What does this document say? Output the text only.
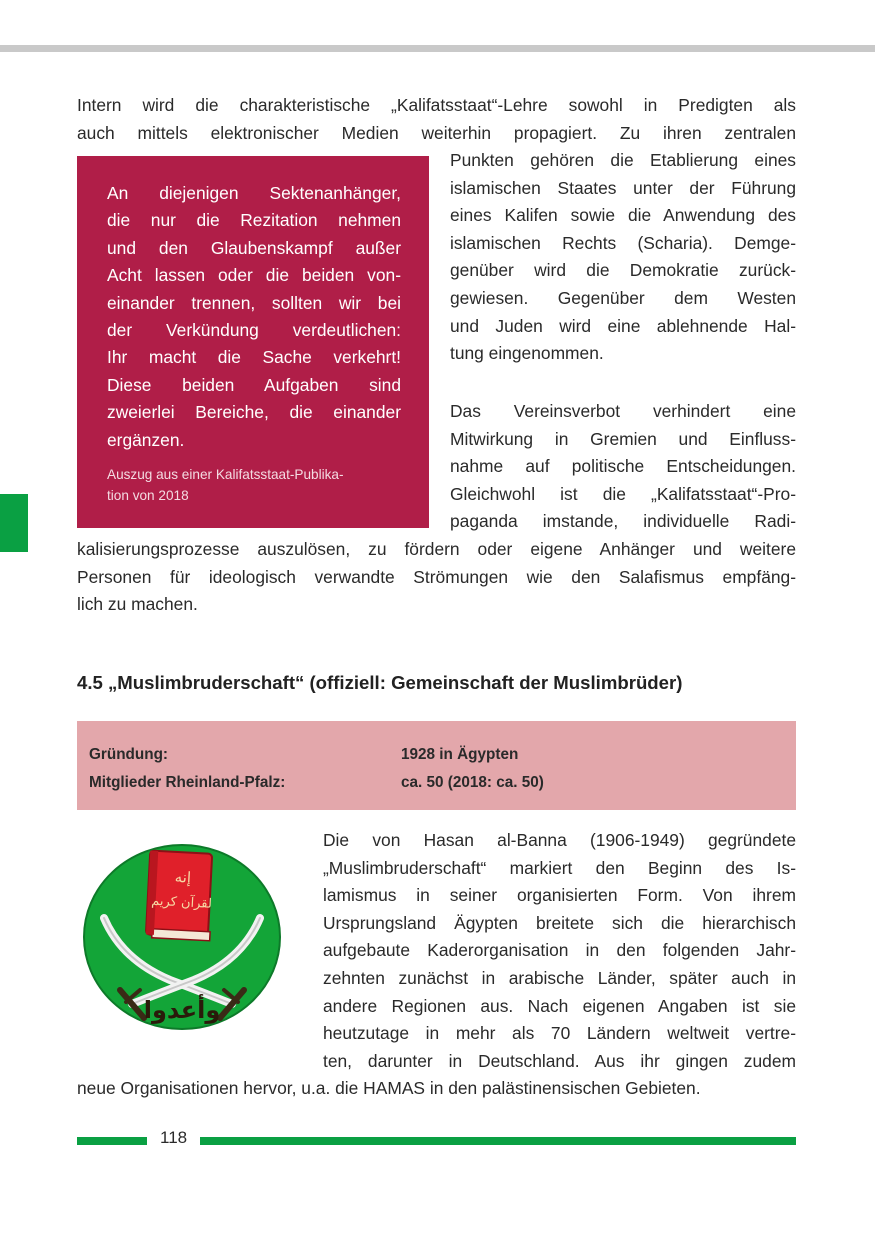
Intern wird die charakteristische „Kalifatsstaat“-Lehre sowohl in Predigten als
auch mittels elektronischer Medien weiterhin propagiert. Zu ihren zentralen
Punkten gehören die Etablierung eines
islamischen Staates unter der Führung
eines Kalifen sowie die Anwendung des
islamischen Rechts (Scharia). Demge-
genüber wird die Demokratie zurück-
gewiesen. Gegenüber dem Westen
und Juden wird eine ablehnende Hal-
tung eingenommen.
An diejenigen Sektenanhänger,
die nur die Rezitation nehmen
und den Glaubenskampf außer
Acht lassen oder die beiden von-
einander trennen, sollten wir bei
der Verkündung verdeutlichen:
Ihr macht die Sache verkehrt!
Diese beiden Aufgaben sind
zweierlei Bereiche, die einander
ergänzen.
Auszug aus einer Kalifatsstaat-Publika-
tion von 2018
Das Vereinsverbot verhindert eine
Mitwirkung in Gremien und Einfluss-
nahme auf politische Entscheidungen.
Gleichwohl ist die „Kalifatsstaat“-Pro-
paganda imstande, individuelle Radi-
kalisierungsprozesse auszulösen, zu fördern oder eigene Anhänger und weitere
Personen für ideologisch verwandte Strömungen wie den Salafismus empfäng-
lich zu machen.
4.5 „Muslimbruderschaft“ (offiziell: Gemeinschaft der Muslimbrüder)
Gründung:	1928 in Ägypten
Mitglieder Rheinland-Pfalz:	ca. 50 (2018: ca. 50)
إنه
لقرآن كريم
وأعدوا
Die von Hasan al-Banna (1906-1949) gegründete
„Muslimbruderschaft“ markiert den Beginn des Is-
lamismus in seiner organisierten Form. Von ihrem
Ursprungsland Ägypten breitete sich die hierarchisch
aufgebaute Kaderorganisation in den folgenden Jahr-
zehnten zunächst in arabische Länder, später auch in
andere Regionen aus. Nach eigenen Angaben ist sie
heutzutage in mehr als 70 Ländern weltweit vertre-
ten, darunter in Deutschland. Aus ihr gingen zudem
neue Organisationen hervor, u.a. die HAMAS in den palästinensischen Gebieten.
118
